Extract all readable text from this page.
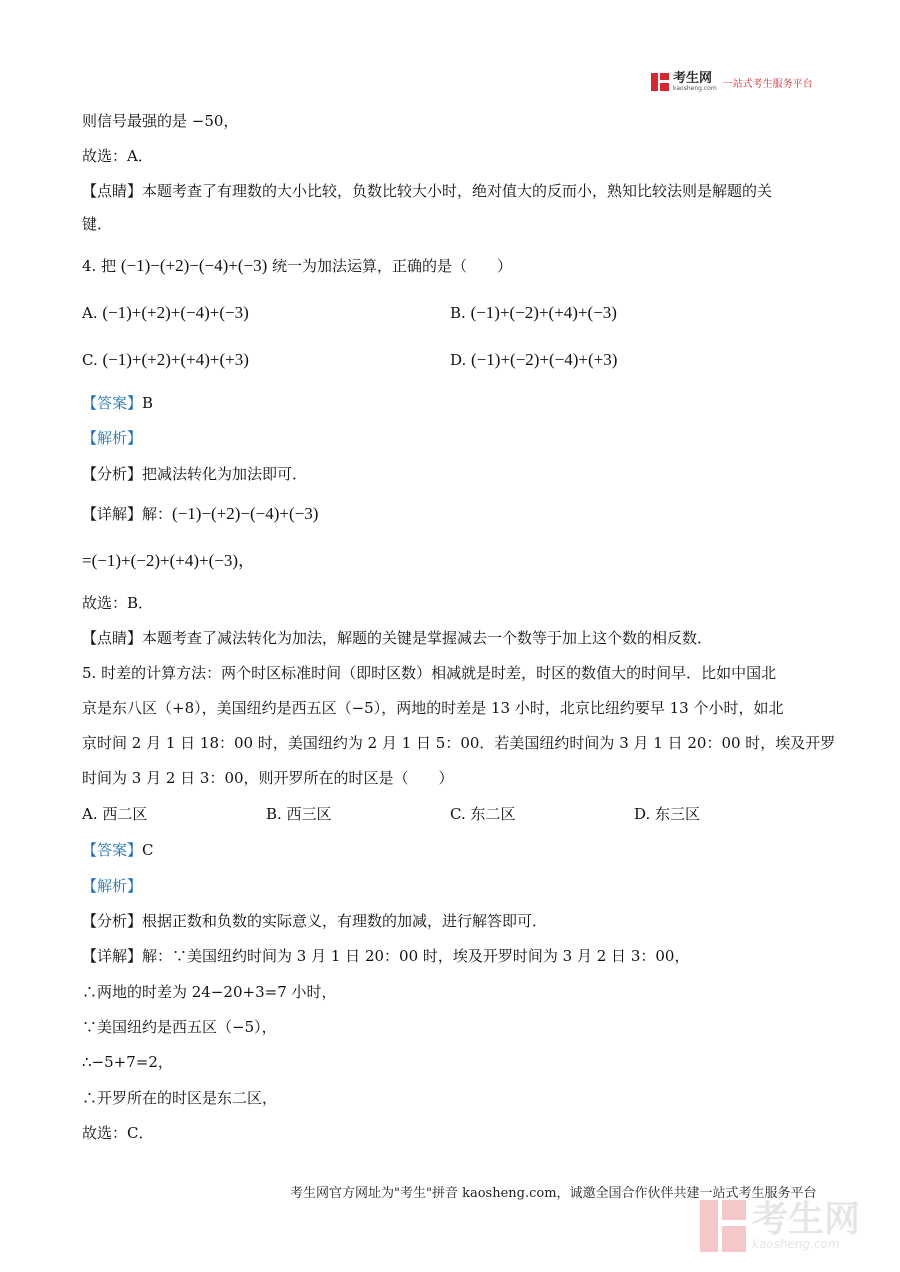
考生网
kaosheng.com 一站式考生服务平台
则信号最强的是 −50，
故选：A．
【点睛】本题考查了有理数的大小比较，负数比较大小时，绝对值大的反而小，熟知比较法则是解题的关
键．
4. 把 (−1)−(+2)−(−4)+(−3) 统一为加法运算，正确的是（　　）
A. (−1)+(+2)+(−4)+(−3)	B. (−1)+(−2)+(+4)+(−3)
C. (−1)+(+2)+(+4)+(+3)	D. (−1)+(−2)+(−4)+(+3)
【答案】B
【解析】
【分析】把减法转化为加法即可．
【详解】解：(−1)−(+2)−(−4)+(−3)
=(−1)+(−2)+(+4)+(−3)，
故选：B．
【点睛】本题考查了减法转化为加法，解题的关键是掌握减去一个数等于加上这个数的相反数．
5. 时差的计算方法：两个时区标准时间（即时区数）相减就是时差，时区的数值大的时间早．比如中国北
京是东八区（+8），美国纽约是西五区（−5），两地的时差是 13 小时，北京比纽约要早 13 个小时，如北
京时间 2 月 1 日 18：00 时，美国纽约为 2 月 1 日 5：00．若美国纽约时间为 3 月 1 日 20：00 时，埃及开罗
时间为 3 月 2 日 3：00，则开罗所在的时区是（　　）
A. 西二区	B. 西三区	C. 东二区	D. 东三区
【答案】C
【解析】
【分析】根据正数和负数的实际意义，有理数的加减，进行解答即可．
【详解】解：∵美国纽约时间为 3 月 1 日 20：00 时，埃及开罗时间为 3 月 2 日 3：00，
∴两地的时差为 24−20+3=7 小时，
∵美国纽约是西五区（−5），
∴−5+7=2，
∴开罗所在的时区是东二区，
故选：C．
考生网官方网址为"考生"拼音 kaosheng.com，诚邀全国合作伙伴共建一站式考生服务平台
考生网
kaosheng.com
